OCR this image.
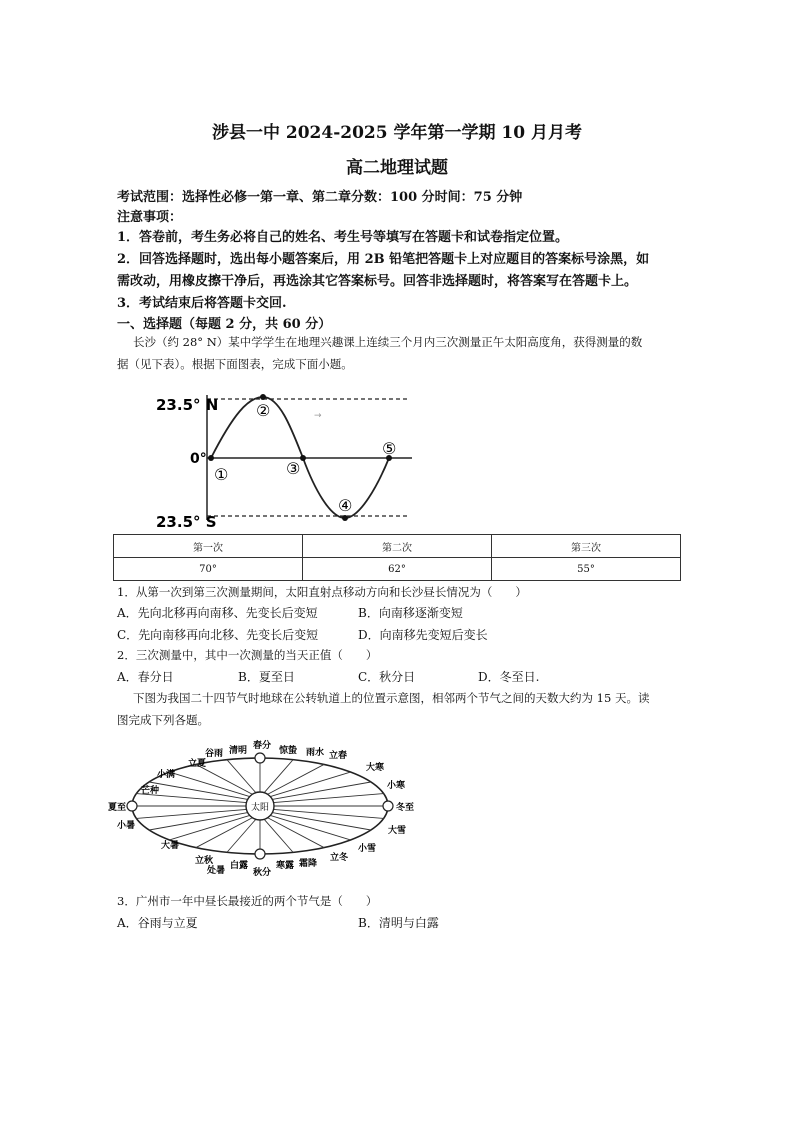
涉县一中 2024-2025 学年第一学期 10 月月考
高二地理试题
考试范围：选择性必修一第一章、第二章分数：100 分时间：75 分钟
注意事项：
1．答卷前，考生务必将自己的姓名、考生号等填写在答题卡和试卷指定位置。
2．回答选择题时，选出每小题答案后，用 2B 铅笔把答题卡上对应题目的答案标号涂黑，如
需改动，用橡皮擦干净后，再选涂其它答案标号。回答非选择题时，将答案写在答题卡上。
3．考试结束后将答题卡交回.
一、选择题（每题 2 分，共 60 分）
长沙（约 28° N）某中学学生在地理兴趣课上连续三个月内三次测量正午太阳高度角，获得测量的数
据（见下表）。根据下面图表，完成下面小题。
→
23.5° N
0°
23.5° S
①
②
③
④
⑤
第一次	第二次	第三次
70°	62°	55°
1．从第一次到第三次测量期间，太阳直射点移动方向和长沙昼长情况为（　　）
A．先向北移再向南移、先变长后变短	B．向南移逐渐变短
C．先向南移再向北移、先变长后变短	D．向南移先变短后变长
2．三次测量中，其中一次测量的当天正值（　　）
A．春分日	B．夏至日	C．秋分日	D．冬至日.
下图为我国二十四节气时地球在公转轨道上的位置示意图，相邻两个节气之间的天数大约为 15 天。读
图完成下列各题。
太阳
谷雨 清明 春分 惊蛰 雨水 立春
立夏
小满
芒种
夏至
小暑
大暑
立秋
处暑 白露
秋分
寒露 霜降
立冬
大寒
小寒
冬至
大雪
小雪
3．广州市一年中昼长最接近的两个节气是（　　）
A．谷雨与立夏	B．清明与白露
